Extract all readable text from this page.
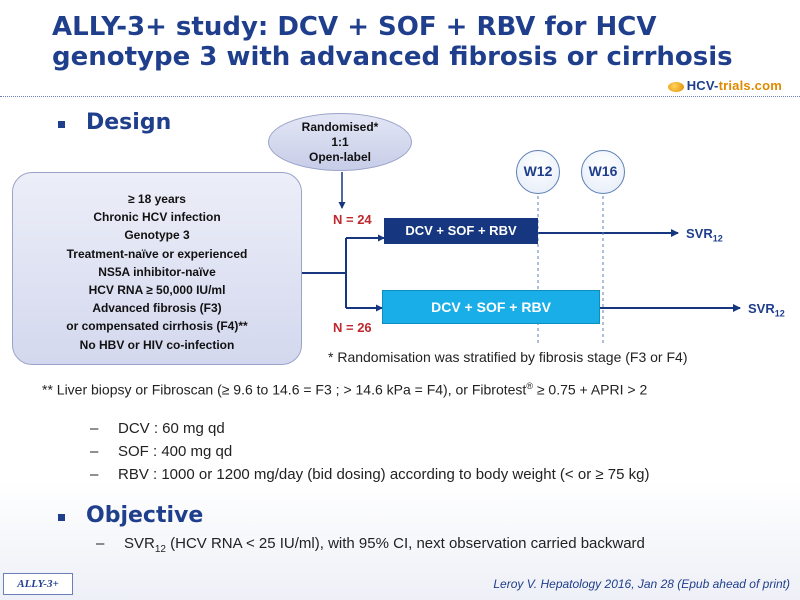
ALLY-3+ study: DCV + SOF + RBV for HCV
genotype 3 with advanced fibrosis or cirrhosis
HCV-trials.com
Design	Randomised*
1:1
Open-label
≥ 18 years
Chronic HCV infection
Genotype 3
Treatment-naïve or experienced
NS5A inhibitor-naïve
HCV RNA ≥ 50,000 IU/ml
Advanced fibrosis (F3)
or compensated cirrhosis (F4)**
No HBV or HIV co-infection
W12	W16
N = 24
DCV + SOF + RBV	$SVR_{12}$
N = 26
DCV + SOF + RBV	$SVR_{12}$
* Randomisation was stratified by fibrosis stage (F3 or F4)
** Liver biopsy or Fibroscan (≥ 9.6 to 14.6 = F3 ; > 14.6 kPa = F4), or Fibrotest® ≥ 0.75 + APRI > 2
– DCV : 60 mg qd
– SOF : 400 mg qd
– RBV : 1000 or 1200 mg/day (bid dosing) according to body weight (< or ≥ 75 kg)
Objective
– $SVR_{12}$ (HCV RNA < 25 IU/ml), with 95% CI, next observation carried backward
ALLY-3+	Leroy V. Hepatology 2016, Jan 28 (Epub ahead of print)
